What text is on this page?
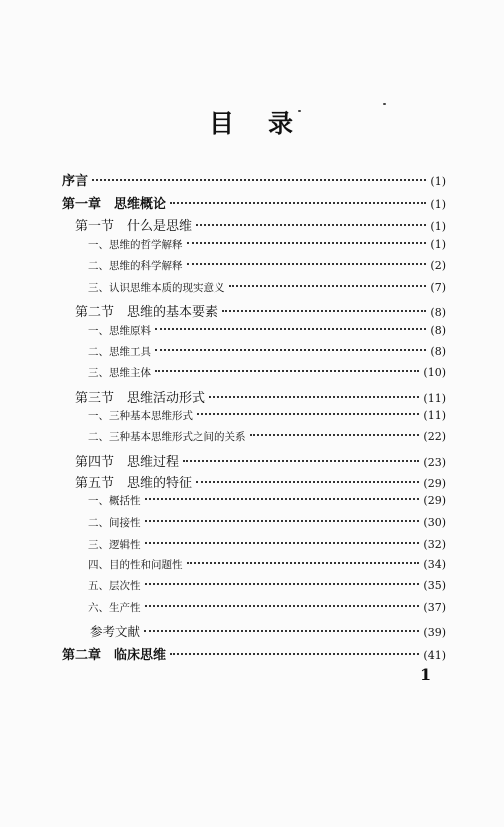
目 录
序言	(1)
第一章　思维概论	(1)
第一节　什么是思维	(1)
一、思维的哲学解释	(1)
二、思维的科学解释	(2)
三、认识思维本质的现实意义	(7)
第二节　思维的基本要素	(8)
一、思维原料	(8)
二、思维工具	(8)
三、思维主体	(10)
第三节　思维活动形式	(11)
一、三种基本思维形式	(11)
二、三种基本思维形式之间的关系	(22)
第四节　思维过程	(23)
第五节　思维的特征	(29)
一、概括性	(29)
二、间接性	(30)
三、逻辑性	(32)
四、目的性和问题性	(34)
五、层次性	(35)
六、生产性	(37)
参考文献	(39)
第二章　临床思维	(41)
1
